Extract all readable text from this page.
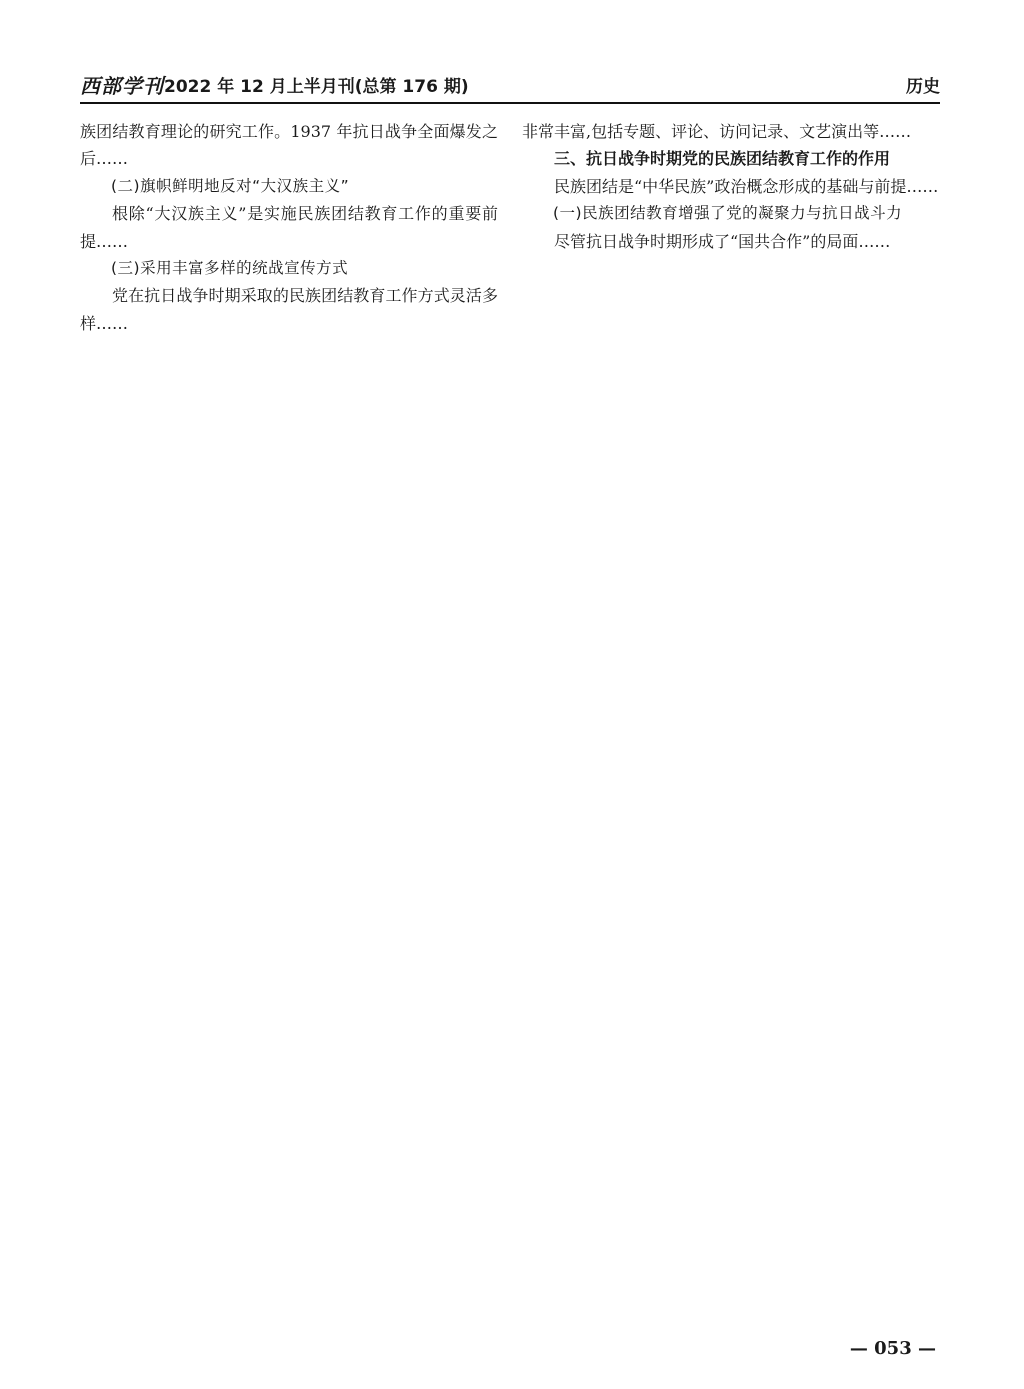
西部学刊 2022 年 12 月上半月刊(总第 176 期)	历史

族团结教育理论的研究工作。1937 年抗日战争全面爆发之后……

(二)旗帜鲜明地反对“大汉族主义”

根除“大汉族主义”是实施民族团结教育工作的重要前提……

(三)采用丰富多样的统战宣传方式

党在抗日战争时期采取的民族团结教育工作方式灵活多样……

非常丰富,包括专题、评论、访问记录、文艺演出等……

三、抗日战争时期党的民族团结教育工作的作用

民族团结是“中华民族”政治概念形成的基础与前提……

(一)民族团结教育增强了党的凝聚力与抗日战斗力

尽管抗日战争时期形成了“国共合作”的局面……

— 053 —
